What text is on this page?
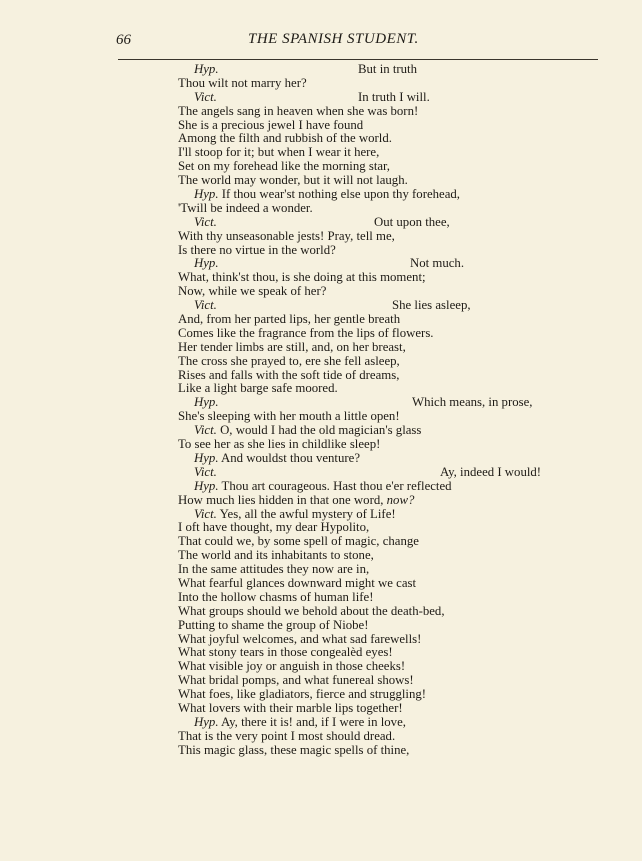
66	THE SPANISH STUDENT.
Hyp.	But in truth
Thou wilt not marry her?
Vict.	In truth I will.
The angels sang in heaven when she was born!
She is a precious jewel I have found
Among the filth and rubbish of the world.
I'll stoop for it; but when I wear it here,
Set on my forehead like the morning star,
The world may wonder, but it will not laugh.
Hyp. If thou wear'st nothing else upon thy forehead,
'Twill be indeed a wonder.
Vict.	Out upon thee,
With thy unseasonable jests! Pray, tell me,
Is there no virtue in the world?
Hyp.	Not much.
What, think'st thou, is she doing at this moment;
Now, while we speak of her?
Vict.	She lies asleep,
And, from her parted lips, her gentle breath
Comes like the fragrance from the lips of flowers.
Her tender limbs are still, and, on her breast,
The cross she prayed to, ere she fell asleep,
Rises and falls with the soft tide of dreams,
Like a light barge safe moored.
Hyp.	Which means, in prose,
She's sleeping with her mouth a little open!
Vict. O, would I had the old magician's glass
To see her as she lies in childlike sleep!
Hyp. And wouldst thou venture?
Vict.	Ay, indeed I would!
Hyp. Thou art courageous. Hast thou e'er reflected
How much lies hidden in that one word, now?
Vict. Yes, all the awful mystery of Life!
I oft have thought, my dear Hypolito,
That could we, by some spell of magic, change
The world and its inhabitants to stone,
In the same attitudes they now are in,
What fearful glances downward might we cast
Into the hollow chasms of human life!
What groups should we behold about the death-bed,
Putting to shame the group of Niobe!
What joyful welcomes, and what sad farewells!
What stony tears in those congealèd eyes!
What visible joy or anguish in those cheeks!
What bridal pomps, and what funereal shows!
What foes, like gladiators, fierce and struggling!
What lovers with their marble lips together!
Hyp. Ay, there it is! and, if I were in love,
That is the very point I most should dread.
This magic glass, these magic spells of thine,
